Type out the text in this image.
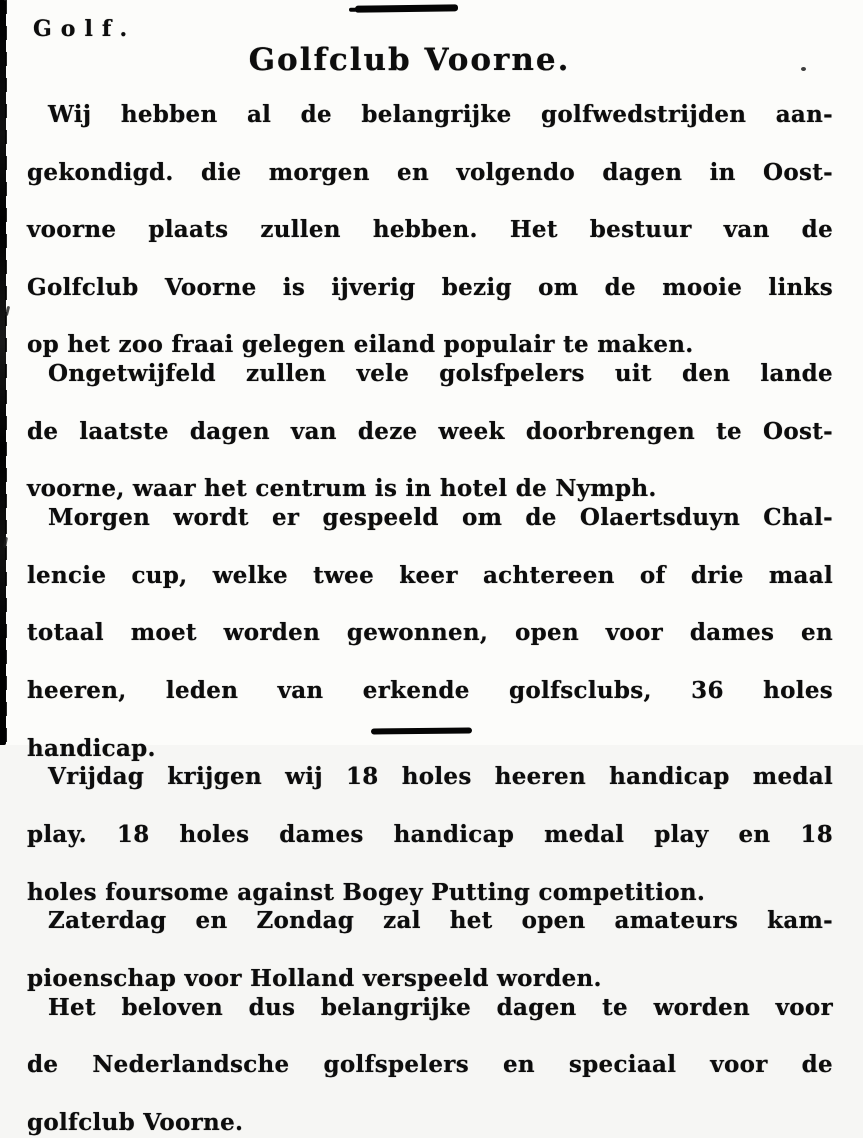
Golf.
Golfclub Voorne.

Wij hebben al de belangrijke golfwedstrijden aan-
gekondigd. die morgen en volgendo dagen in Oost-
voorne plaats zullen hebben. Het bestuur van de
Golfclub Voorne is ijverig bezig om de mooie links
op het zoo fraai gelegen eiland populair te maken.

Ongetwijfeld zullen vele golsfpelers uit den lande
de laatste dagen van deze week doorbrengen te Oost-
voorne, waar het centrum is in hotel de Nymph.

Morgen wordt er gespeeld om de Olaertsduyn Chal-
lencie cup, welke twee keer achtereen of drie maal
totaal moet worden gewonnen, open voor dames en
heeren, leden van erkende golfsclubs, 36 holes
handicap.

Vrijdag krijgen wij 18 holes heeren handicap medal
play. 18 holes dames handicap medal play en 18
holes foursome against Bogey Putting competition.

Zaterdag en Zondag zal het open amateurs kam-
pioenschap voor Holland verspeeld worden.

Het beloven dus belangrijke dagen te worden voor
de Nederlandsche golfspelers en speciaal voor de
golfclub Voorne.
